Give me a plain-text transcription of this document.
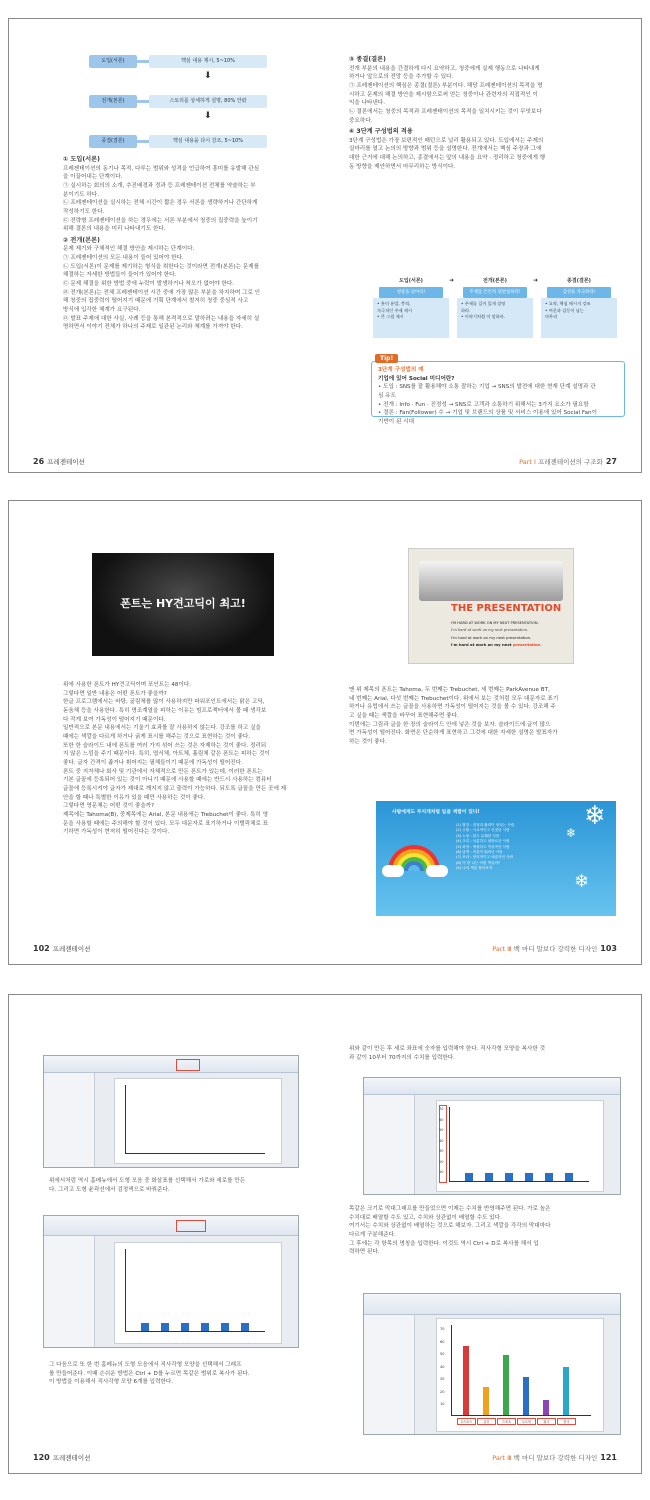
도입(서론)	핵심 내용 제시, 5~10%
⬇
전개(본론)	스토리를 상세하게 설명, 80% 안팎
⬇
종결(결론)	핵심 내용을 다시 강조, 5~10%
① 도입(서론)
프레젠테이션의 동기나 목적, 다루는 범위와 성격을 언급하여 흥미를 유발해 관심
을 이끌어내는 단계이다.
㉠ 실시하는 회의의 소개, 추진배경과 경과 등 프레젠테이션 전체를 약술하는 부
분이기도 하다.
㉡ 프레젠테이션을 실시하는 전체 시간이 짧은 경우 서론을 생략하거나 간단하게
작성하기도 한다.
㉢ 전략형 프레젠테이션을 하는 경우에는 서론 부분에서 청중의 집중력을 높이기
위해 결론의 내용을 미리 나타내기도 한다.
② 전개(본론)
문제 제기와 구체적인 해결 방안을 제시하는 단계이다.
㉠ 프레젠테이션의 모든 내용이 들어 있어야 한다.
㉡ 도입(서론)이 문제를 제기하는 형식을 취한다는 것이라면 전개(본론)는 문제를
해결하는 자세한 방법들이 들어가 있어야 한다.
㉢ 문제 해결을 위한 방법 중에 누락이 발생하거나 착오가 없어야 한다.
㉣ 전개(본론)는 전체 프레젠테이션 시간 중에 가장 많은 부분을 차지하며 그로 인
해 청중의 집중력이 떨어지기 때문에 기획 단계에서 철저히 청중 중심적 사고
방식에 입각한 체계가 요구된다.
㉤ 발표 주제에 대한 사실, 사례 등을 통해 본격적으로 말하려는 내용을 자세히 설
명하면서 이야기 전체가 하나의 주제로 일관된 논리와 체계를 가져야 한다.
③ 종결(결론)
전개 부분의 내용을 간결하게 다시 요약하고, 청중에게 실제 행동으로 나타내게
하거나 앞으로의 전망 등을 추가할 수 있다.
㉠ 프레젠테이션의 핵심은 종결(결론) 부분이다. 해당 프레젠테이션의 목적을 명
시하고 문제의 해결 방안을 제시함으로써 얻는 청중이나 관련자의 직접적인 이
익을 나타낸다.
㉡ 결론에서는 청중의 목적과 프레젠테이션의 목적을 일치시키는 것이 무엇보다
중요하다.
④ 3단계 구성법의 적용
3단계 구성법은 가장 보편적인 패턴으로 널리 활용되고 있다. 도입에서는 주제의
실마리를 열고 논의의 방향과 범위 등을 설명한다. 전개에서는 핵심 주장과 그에
대한 근거에 대해 논의하고, 종결에서는 앞의 내용을 요약 · 정리하고 청중에게 행
동 방향을 제안하면서 마무리하는 방식이다.
도입(서론)
청중을 낚아라!
• 흥미 유발, 충격,
자극적인 주제 제시
• 큰 그림 제시
➜	전개(본론)
주제를 튼튼히 뒷받침하라!
• 주제를 깊이 있게 설명
하라.
• 이야기처럼 이 말하라.
➜	종결(결론)
감성을 자극하라!
• 요약, 핵심 메시지 강조
• 여운과 감동이 남는
마무리
3단계 구성법의 예
기업에 있어 Social 미디어란?
• 도입 : SNS를 잘 활용해야 소통 잘하는 기업 → SNS의 발전에 대한 현재 단계 설명과 관
심 유도
• 전개 : Info · Fun · 진정성 → SNS로 고객과 소통하기 위해서는 3가지 요소가 필요함
• 결론 : Fan(Follower) 수 → 기업 및 브랜드의 상품 및 서비스 이용에 있어 Social Fan이
기반이 된 시대
Tip!
26 프레젠테이션	Part Ⅰ 프레젠테이션의 구조화 27
폰트는 HY견고딕이 최고!	THE PRESENTATION
I'M HARD AT WORK ON MY NEXT PRESENTATION.
I'm hard at work on my next presentation.
I'm hard at work on my next presentation.
I'm hard at work on my next presentation.
위에 사용한 폰트가 HY견고딕이며 포인트는 48이다.
그렇다면 일반 내용은 어떤 폰트가 좋을까?
한글 프로그램에서는 바탕, 굴림체를 많이 사용하지만 파워포인트에서는 맑은 고딕,
돋움체 등을 사용한다. 특히 명조계열을 피하는 이유는 빔프로젝터에서 볼 때 생각보
다 작게 보여 가독성이 떨어지기 때문이다.
일반적으로 본문 내용에서는 기울기 효과를 잘 사용하지 않는다. 강조를 하고 싶을
때에는 색깔을 다르게 하거나 굵게 표시를 해주는 것으로 표현하는 것이 좋다.
또한 한 슬라이드 내에 폰트를 여러 가지 섞어 쓰는 것은 자제하는 것이 좋다. 정리되
지 않은 느낌을 주기 때문이다. 특히, 엽서체, 아트체, 흘림체 같은 폰트는 피하는 것이
좋다. 글자 간격이 좁거나 휘어지는 필체들이기 때문에 가독성이 떨어진다.
폰트 중 지자체나 회사 및 기관에서 자체적으로 만든 폰트가 있는데, 이러한 폰트는
기본 글꼴에 등록되어 있는 것이 아니기 때문에 사용할 때에는 반드시 사용하는 컴퓨터
글꼴에 등록시켜야 글자가 제대로 깨지지 않고 출력이 가능하다. 되도록 글꼴을 만든 곳에 제
안을 할 때나 특별한 이유가 있을 때만 사용하는 것이 좋다.
그렇다면 영문체는 어떤 것이 좋을까?
제목에는 Tahoma(B), 중제목에는 Arial, 본문 내용에는 Trebuchet이 좋다. 특히 영
문을 사용할 때에는 주의해야 할 것이 있다. 모두 대문자로 표기하거나 이탤릭체로 표
기하면 가독성이 현저히 떨어진다는 것이다.
맨 위 제목의 폰트는 Tahoma, 두 번째는 Trebuchet, 세 번째는 ParkAvenue BT,
네 번째는 Arial, 다섯 번째는 Trebuchet이다. 위에서 보는 것처럼 모두 대문자로 표기
하거나 유럽에서 쓰는 글꼴을 사용하면 가독성이 떨어지는 것을 볼 수 있다. 강조해 주
고 싶을 때는 색깔을 바꾸어 표현해주면 좋다.
이번에는 그림과 글을 한 장의 슬라이드 안에 넣은 것을 보자. 슬라이드에 글이 많으
면 가독성이 떨어진다. 화면은 단순하게 표현하고 그것에 대한 자세한 설명은 발표자가
하는 것이 좋다.
사람에게도 무지개처럼 일곱 색깔이 있다!
(1) 빨강 : 열정과 활력이 넘치는 사람
(2) 주황 : 사교적이고 친절한 사람
(3) 노랑 : 밝고 유쾌한 사람
(4) 초록 : 차분하고 평화로운 사람
(5) 파랑 : 냉철하고 이성적인 사람
(6) 남색 : 직관이 뛰어난 사람
(7) 보라 : 창의적이고 예술적인 사람
(8) 이 중 나는 어떤 색일까?
(9) 나의 색을 찾아보자
❄
❄
❄
102 프레젠테이션	Part Ⅲ 백 마디 말보다 강력한 디자인 103
위에서처럼 역시 홈메뉴에서 도형 모음 중 화살표를 선택해서 가로와 세로를 만든
다. 그리고 도형 윤곽선에서 검정색으로 바꿔준다.
그 다음으로 또 한 번 홈메뉴의 도형 모음에서 직사각형 모양을 선택해서 그래프
를 만들어준다. 이때 손쉬운 방법은 Ctrl + D를 누르면 똑같은 범위로 복사가 된다.
이 방법을 이용해서 직사각형 모양 6개를 입력한다.
위와 같이 만든 후 세로 좌표에 숫자를 입력해야 한다. 직사각형 모양을 복사한 것
과 같이 10부터 70까지의 수치를 입력한다.
70
60
50
40
30
20
10
똑같은 크기로 막대그래프를 만들었으면 이제는 수치를 반영해주면 된다. 가로 높은
수치대로 배열할 수도 있고, 수치와 상관없이 배열할 수도 있다.
여기서는 수치와 상관없이 배열하는 것으로 해보자. 그리고 색깔을 각각의 막대마다
다르게 구분해준다.
그 후에는 각 항목의 명칭을 입력한다. 이것도 역시 Ctrl + D로 복사를 해서 입
력하면 된다.
70
60
50
40
30
20
10
1스포스	유투	스포츠	노트북	워크	한국
120 프레젠테이션	Part Ⅲ 백 마디 말보다 강력한 디자인 121
